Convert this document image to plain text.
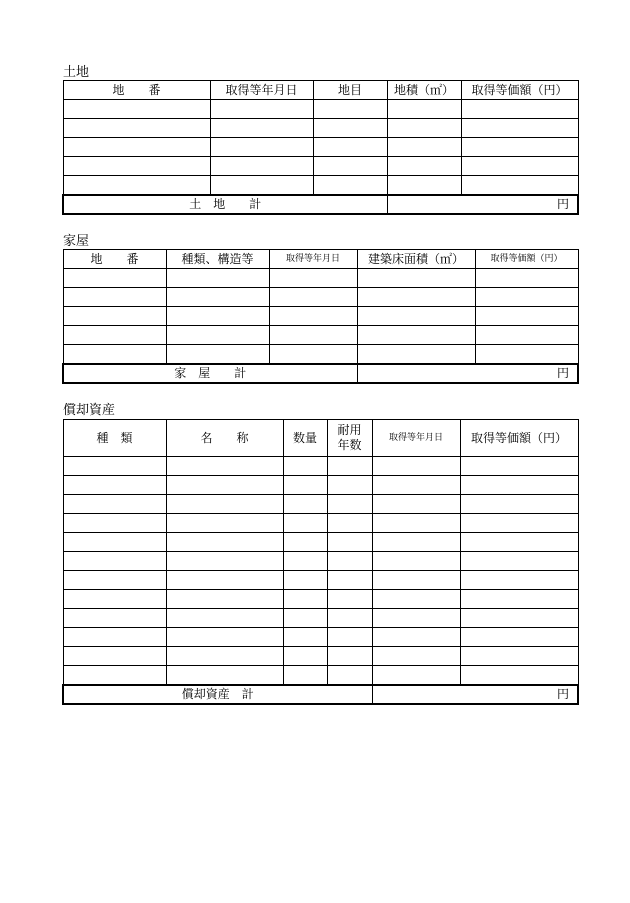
土地
地　　番	取得等年月日	地目	地積（㎡）	取得等価額（円）

土　地　　計			円	
家屋
地　　番	種類、構造等	取得等年月日	建築床面積（㎡）	取得等価額（円）

家　屋　　計			円	
償却資産
種　類	名　　称	数量	耐用年数	取得等年月日	取得等価額（円）

償却資産　計				円	
